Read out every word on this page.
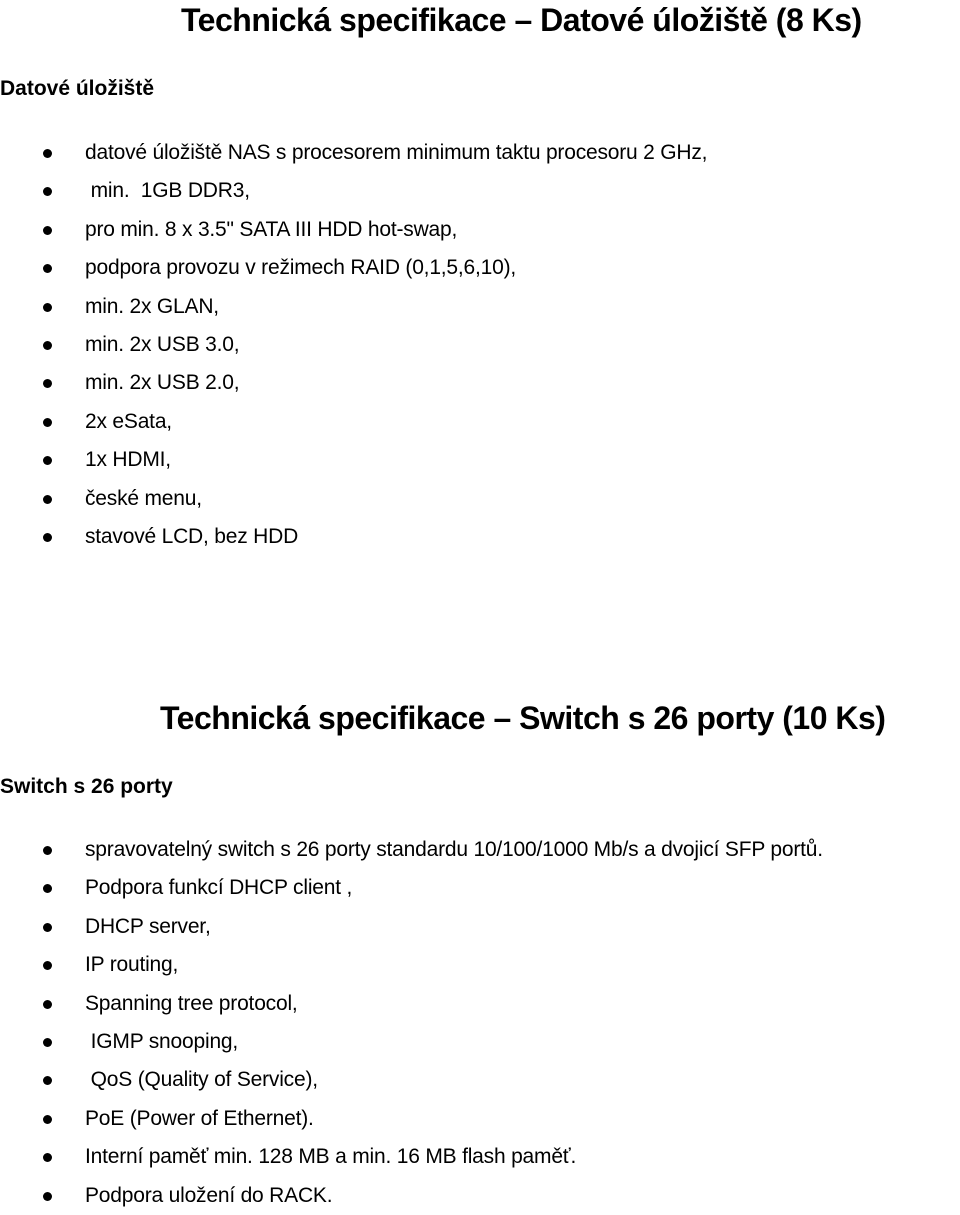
Technická specifikace – Datové úložiště (8 Ks)
Datové úložiště
datové úložiště NAS s procesorem minimum taktu procesoru 2 GHz,
min.  1GB DDR3,
pro min. 8 x 3.5" SATA III HDD hot-swap,
podpora provozu v režimech RAID (0,1,5,6,10),
min. 2x GLAN,
min. 2x USB 3.0,
min. 2x USB 2.0,
2x eSata,
1x HDMI,
české menu,
stavové LCD, bez HDD
Technická specifikace – Switch s 26 porty (10 Ks)
Switch s 26 porty
spravovatelný switch s 26 porty standardu 10/100/1000 Mb/s a dvojicí SFP portů.
Podpora funkcí DHCP client ,
DHCP server,
IP routing,
Spanning tree protocol,
IGMP snooping,
QoS (Quality of Service),
PoE (Power of Ethernet).
Interní paměť min. 128 MB a min. 16 MB flash paměť.
Podpora uložení do RACK.
